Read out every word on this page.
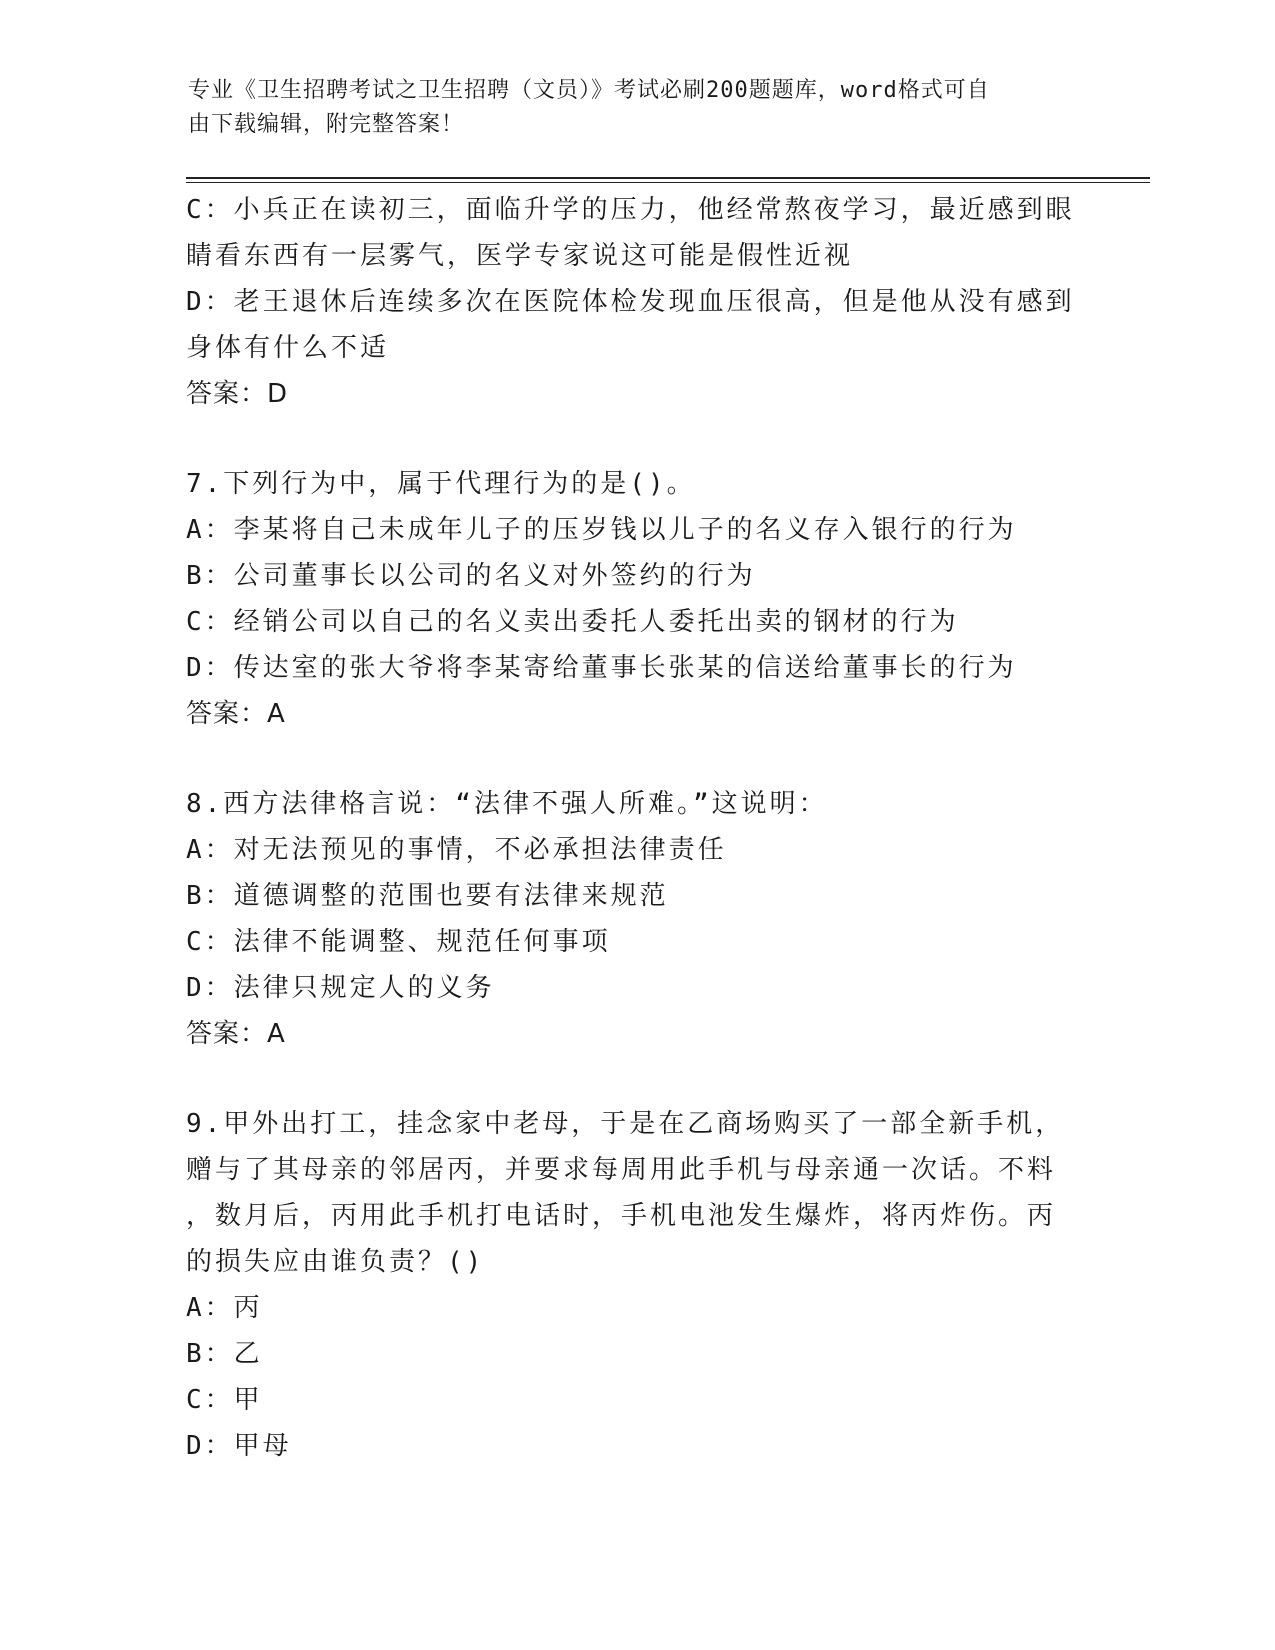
专业《卫生招聘考试之卫生招聘（文员）》考试必刷200题题库，word格式可自
由下载编辑，附完整答案！
C：小兵正在读初三，面临升学的压力，他经常熬夜学习，最近感到眼
睛看东西有一层雾气，医学专家说这可能是假性近视
D：老王退休后连续多次在医院体检发现血压很高，但是他从没有感到
身体有什么不适
答案：D
7.下列行为中，属于代理行为的是()。
A：李某将自己未成年儿子的压岁钱以儿子的名义存入银行的行为
B：公司董事长以公司的名义对外签约的行为
C：经销公司以自己的名义卖出委托人委托出卖的钢材的行为
D：传达室的张大爷将李某寄给董事长张某的信送给董事长的行为
答案：A
8.西方法律格言说：“法律不强人所难。”这说明：
A：对无法预见的事情，不必承担法律责任
B：道德调整的范围也要有法律来规范
C：法律不能调整、规范任何事项
D：法律只规定人的义务
答案：A
9.甲外出打工，挂念家中老母，于是在乙商场购买了一部全新手机，
赠与了其母亲的邻居丙，并要求每周用此手机与母亲通一次话。不料
，数月后，丙用此手机打电话时，手机电池发生爆炸，将丙炸伤。丙
的损失应由谁负责？()
A：丙
B：乙
C：甲
D：甲母
